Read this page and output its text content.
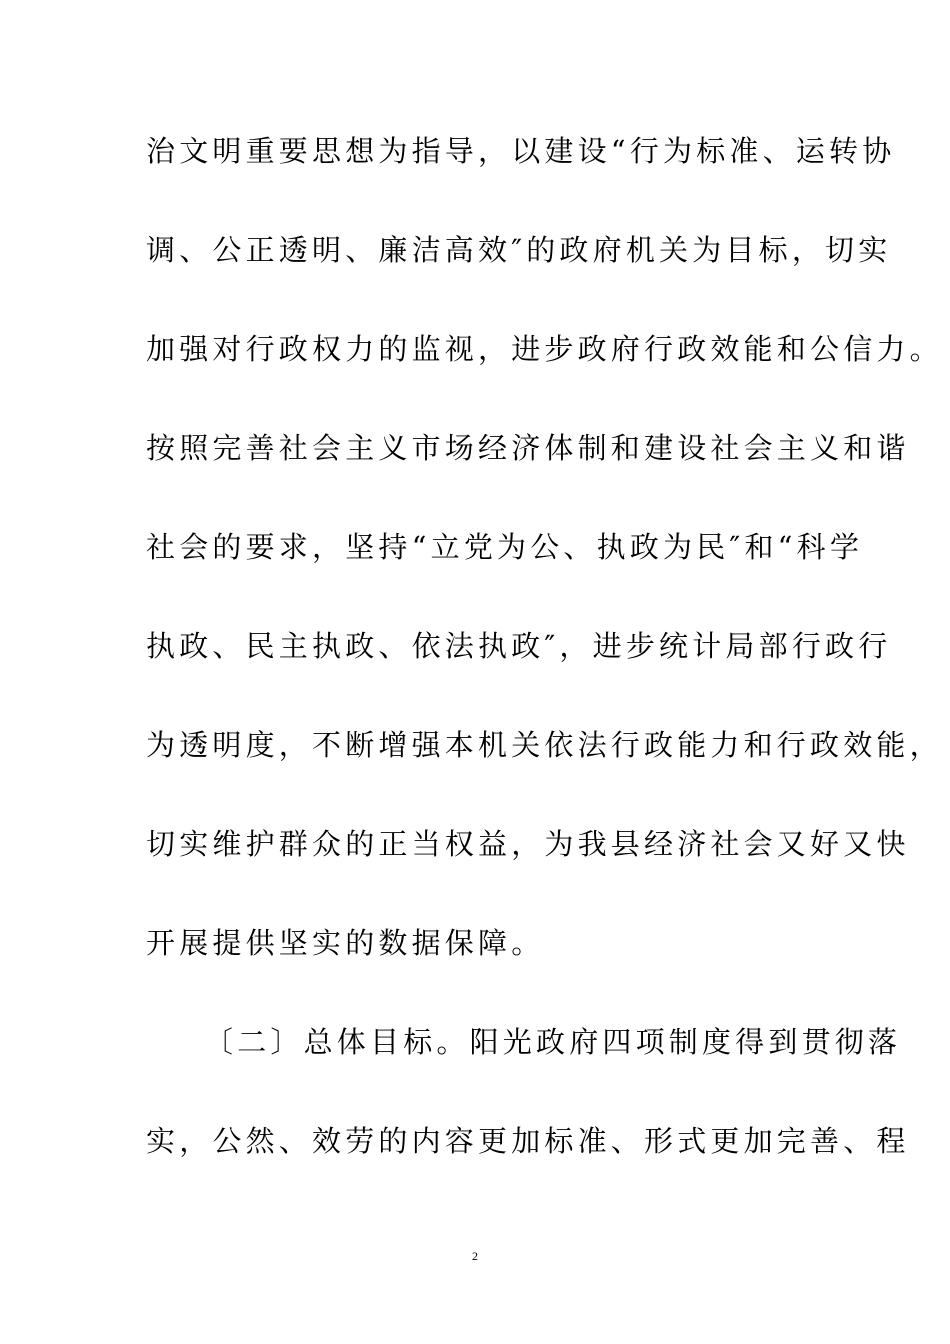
治文明重要思想为指导，以建设“行为标准、运转协
调、公正透明、廉洁高效″的政府机关为目标，切实
加强对行政权力的监视，进步政府行政效能和公信力。
按照完善社会主义市场经济体制和建设社会主义和谐
社会的要求，坚持“立党为公、执政为民″和“科学
执政、民主执政、依法执政″，进步统计局部行政行
为透明度，不断增强本机关依法行政能力和行政效能，
切实维护群众的正当权益，为我县经济社会又好又快
开展提供坚实的数据保障。
〔二〕总体目标。阳光政府四项制度得到贯彻落
实，公然、效劳的内容更加标准、形式更加完善、程
2
